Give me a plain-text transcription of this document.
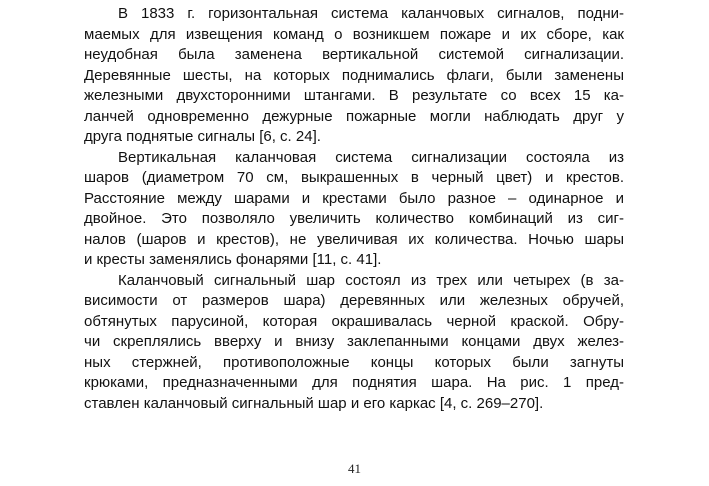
В 1833 г. горизонтальная система каланчовых сигналов, подни-
маемых для извещения команд о возникшем пожаре и их сборе, как
неудобная была заменена вертикальной системой сигнализации.
Деревянные шесты, на которых поднимались флаги, были заменены
железными двухсторонними штангами. В результате со всех 15 ка-
ланчей одновременно дежурные пожарные могли наблюдать друг у
друга поднятые сигналы [6, с. 24].
Вертикальная каланчовая система сигнализации состояла из
шаров (диаметром 70 см, выкрашенных в черный цвет) и крестов.
Расстояние между шарами и крестами было разное – одинарное и
двойное. Это позволяло увеличить количество комбинаций из сиг-
налов (шаров и крестов), не увеличивая их количества. Ночью шары
и кресты заменялись фонарями [11, с. 41].
Каланчовый сигнальный шар состоял из трех или четырех (в за-
висимости от размеров шара) деревянных или железных обручей,
обтянутых парусиной, которая окрашивалась черной краской. Обру-
чи скреплялись вверху и внизу заклепанными концами двух желез-
ных стержней, противоположные концы которых были загнуты
крюками, предназначенными для поднятия шара. На рис. 1 пред-
ставлен каланчовый сигнальный шар и его каркас [4, с. 269–270].
41
